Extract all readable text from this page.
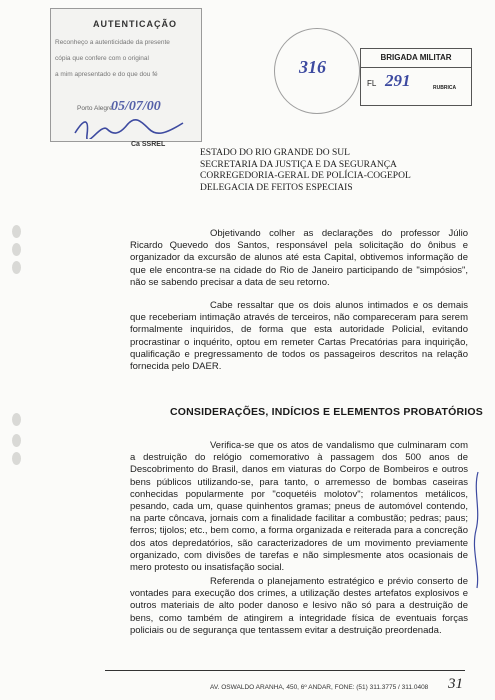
AUTENTICAÇÃO
Reconheço a autenticidade da presente
cópia que confere com o original
a mim apresentado e do que dou fé
Porto Alegre
05/07/00
Ca SSREL
316	BRIGADA MILITAR
FL 291	RUBRICA
ESTADO DO RIO GRANDE DO SUL
SECRETARIA DA JUSTIÇA E DA SEGURANÇA
CORREGEDORIA-GERAL DE POLÍCIA-COGEPOL
DELEGACIA DE FEITOS ESPECIAIS
Objetivando colher as declarações do professor Júlio Ricardo Quevedo dos Santos, responsável pela solicitação do ônibus e organizador da excursão de alunos até esta Capital, obtivemos informação de que ele encontra-se na cidade do Rio de Janeiro participando de "simpósios", não se sabendo precisar a data de seu retorno.
Cabe ressaltar que os dois alunos intimados e os demais que receberiam intimação através de terceiros, não compareceram para serem formalmente inquiridos, de forma que esta autoridade Policial, evitando procrastinar o inquérito, optou em remeter Cartas Precatórias para inquirição, qualificação e pregressamento de todos os passageiros descritos na relação fornecida pelo DAER.
CONSIDERAÇÕES, INDÍCIOS E ELEMENTOS PROBATÓRIOS
Verifica-se que os atos de vandalismo que culminaram com a destruição do relógio comemorativo à passagem dos 500 anos de Descobrimento do Brasil, danos em viaturas do Corpo de Bombeiros e outros bens públicos utilizando-se, para tanto, o arremesso de bombas caseiras conhecidas popularmente por "coquetéis molotov"; rolamentos metálicos, pesando, cada um, quase quinhentos gramas; pneus de automóvel contendo, na parte côncava, jornais com a finalidade facilitar a combustão; pedras; paus; ferros; tijolos; etc., bem como, a forma organizada e reiterada para a concreção dos atos depredatórios, são caracterizadores de um movimento previamente organizado, com divisões de tarefas e não simplesmente atos ocasionais de mero protesto ou insatisfação social.
Referenda o planejamento estratégico e prévio conserto de vontades para execução dos crimes, a utilização destes artefatos explosivos e outros materiais de alto poder danoso e lesivo não só para a destruição de bens, como também de atingirem a integridade física de eventuais forças policiais ou de segurança que tentassem evitar a destruição preordenada.
AV. OSWALDO ARANHA, 450, 6º ANDAR, FONE: (51) 311.3775 / 311.0408 31
